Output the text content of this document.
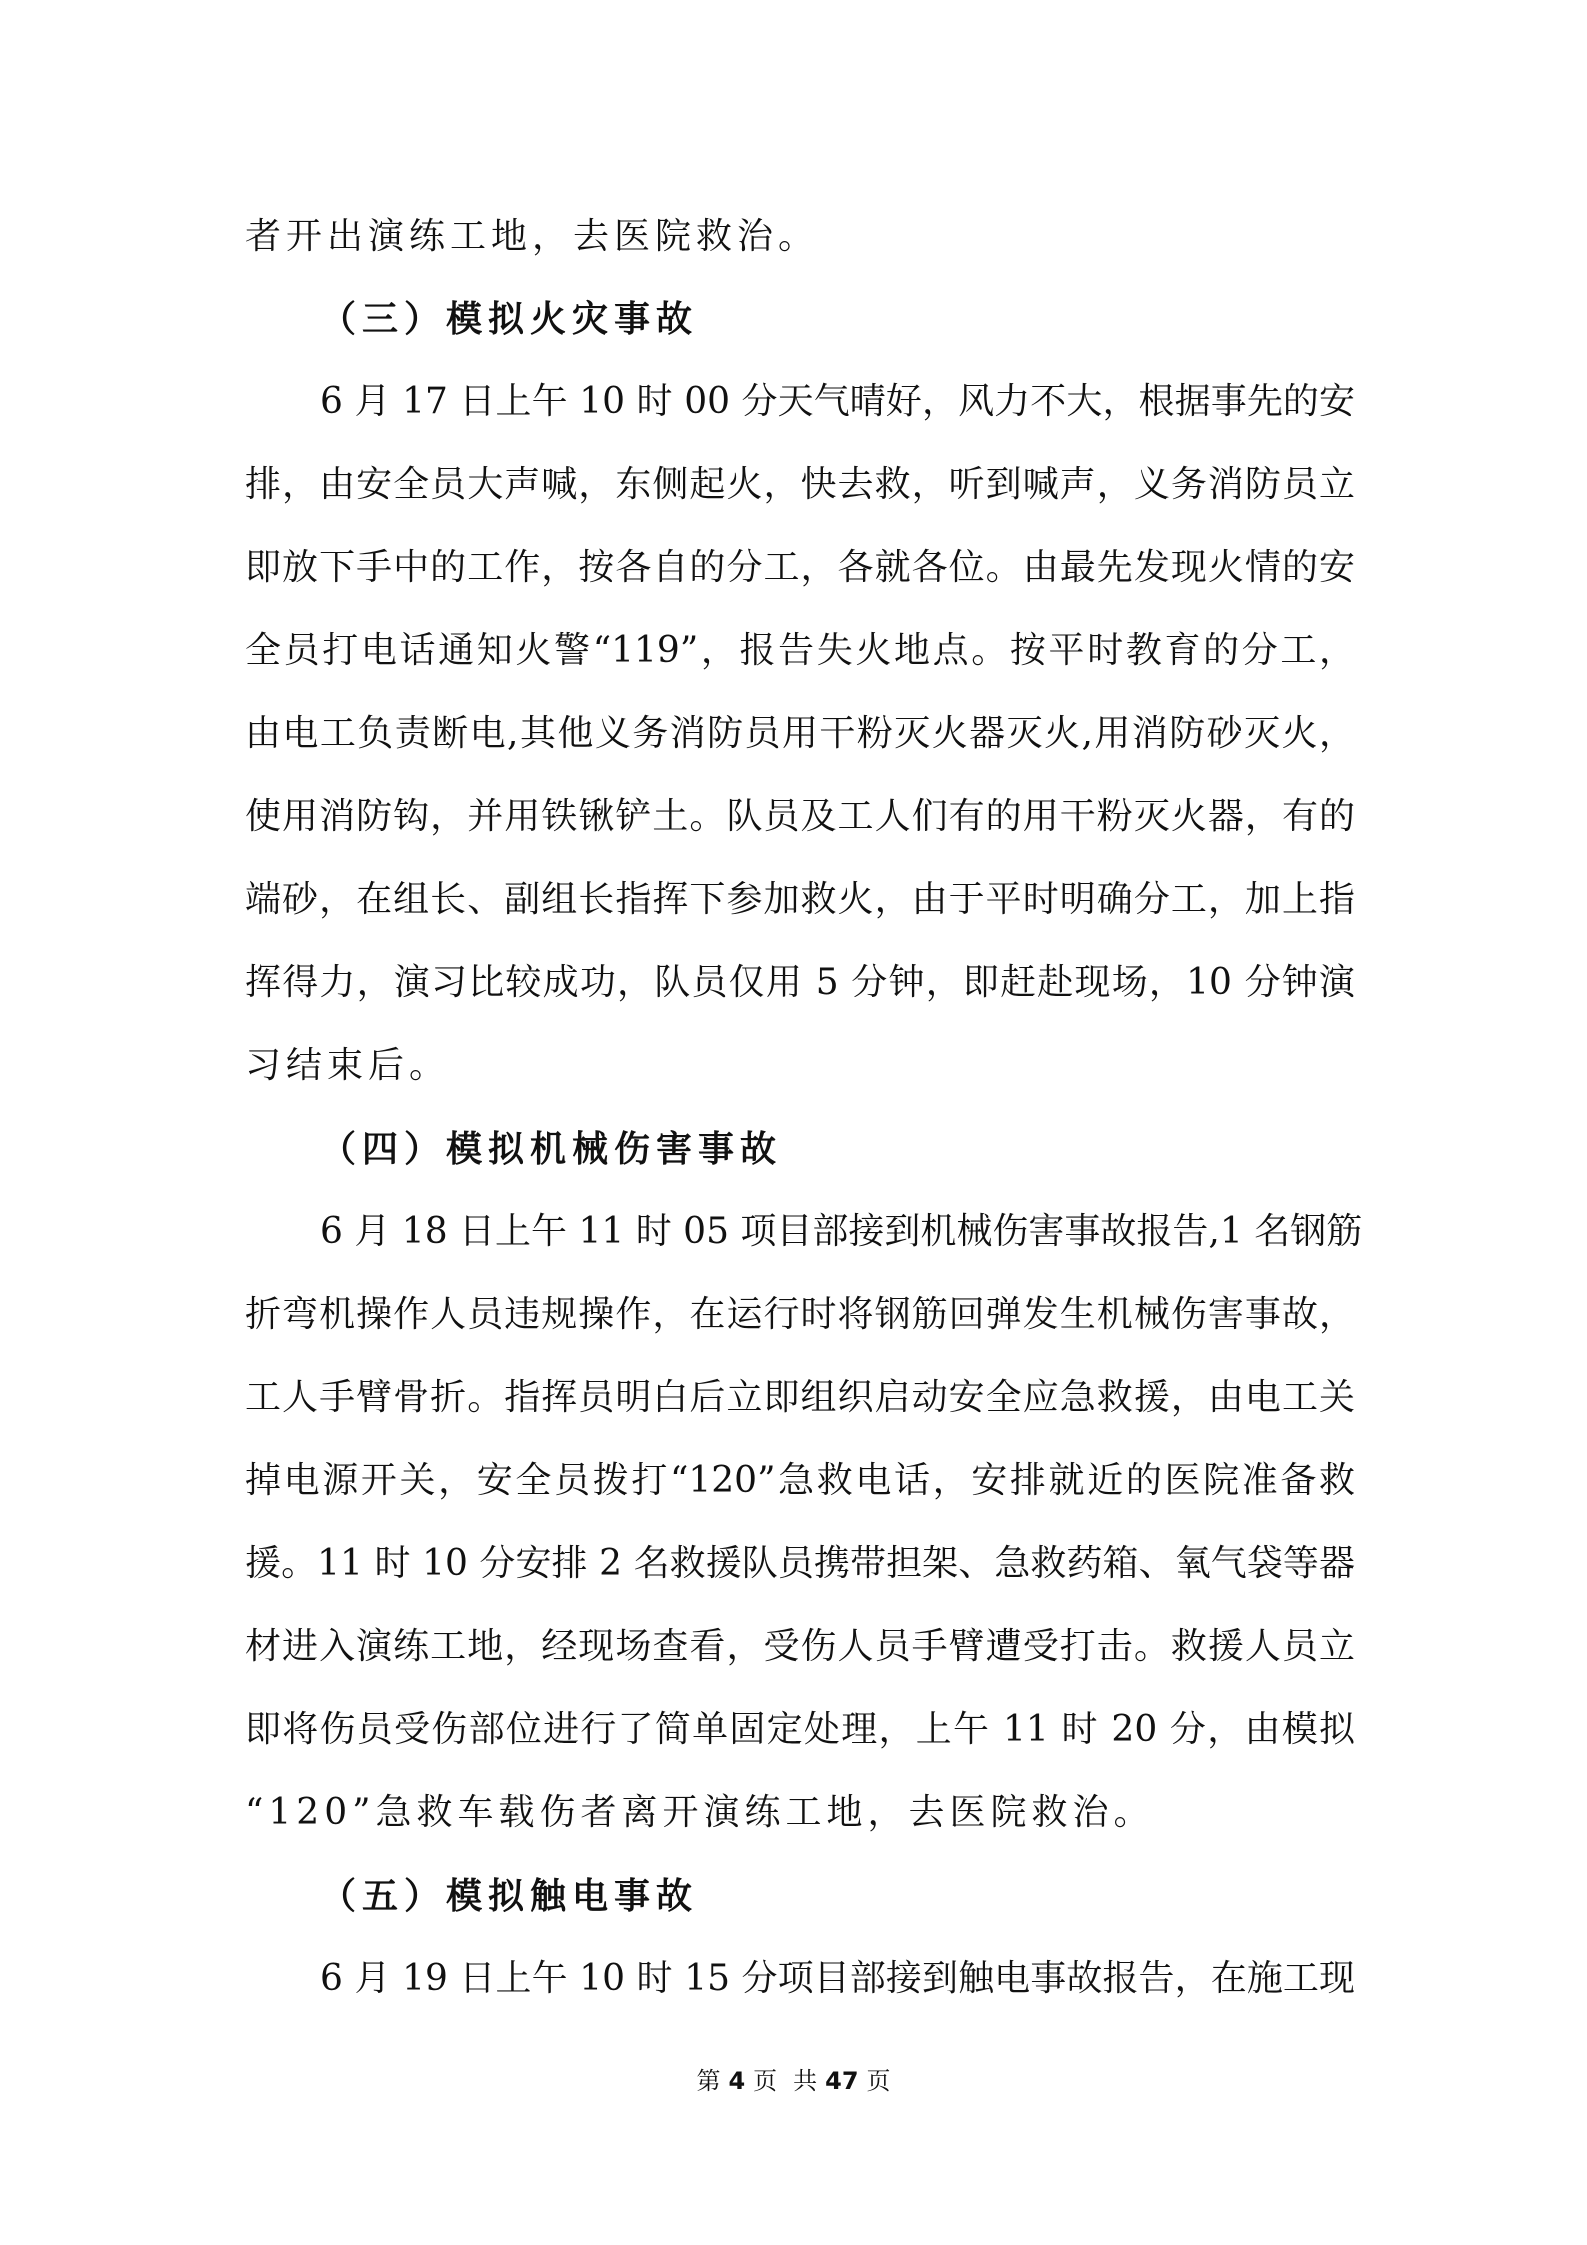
者开出演练工地，去医院救治。
（三）模拟火灾事故
6 月 17 日上午 10 时 00 分天气晴好，风力不大，根据事先的安
排，由安全员大声喊，东侧起火，快去救，听到喊声，义务消防员立
即放下手中的工作，按各自的分工，各就各位。由最先发现火情的安
全员打电话通知火警“119”，报告失火地点。按平时教育的分工，
由电工负责断电,其他义务消防员用干粉灭火器灭火,用消防砂灭火，
使用消防钩，并用铁锹铲土。队员及工人们有的用干粉灭火器，有的
端砂，在组长、副组长指挥下参加救火，由于平时明确分工，加上指
挥得力，演习比较成功，队员仅用 5 分钟，即赶赴现场，10 分钟演
习结束后。
（四）模拟机械伤害事故
6 月 18 日上午 11 时 05 项目部接到机械伤害事故报告,1 名钢筋
折弯机操作人员违规操作，在运行时将钢筋回弹发生机械伤害事故，
工人手臂骨折。指挥员明白后立即组织启动安全应急救援，由电工关
掉电源开关，安全员拨打“120”急救电话，安排就近的医院准备救
援。11 时 10 分安排 2 名救援队员携带担架、急救药箱、氧气袋等器
材进入演练工地，经现场查看，受伤人员手臂遭受打击。救援人员立
即将伤员受伤部位进行了简单固定处理，上午 11 时 20 分，由模拟
“120”急救车载伤者离开演练工地，去医院救治。
（五）模拟触电事故
6 月 19 日上午 10 时 15 分项目部接到触电事故报告，在施工现
第 4 页 共 47 页
